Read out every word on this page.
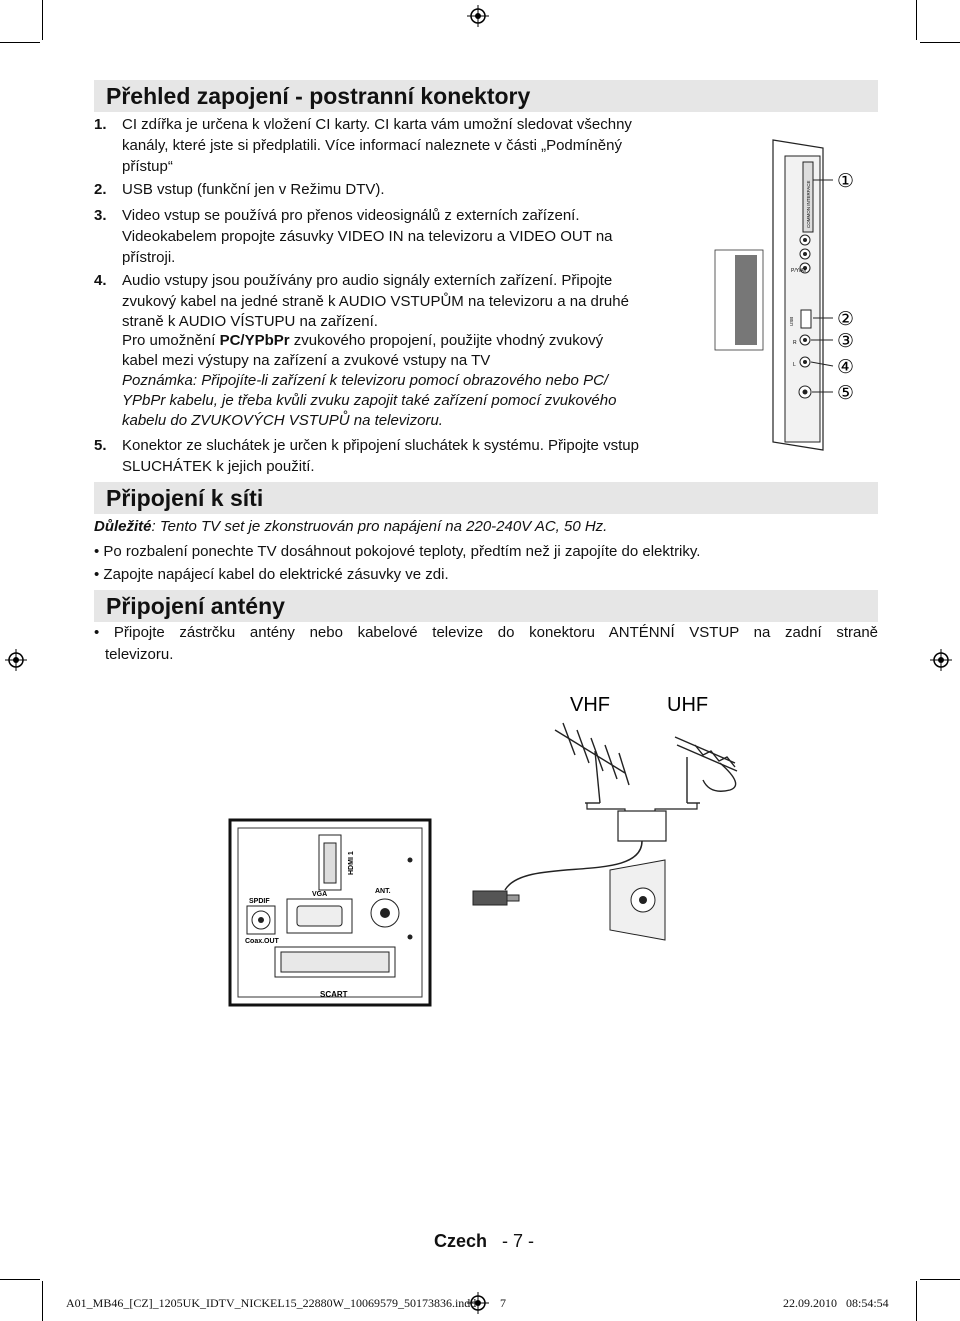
Přehled zapojení - postranní konektory
1. CI zdířka je určena k vložení CI karty. CI karta vám umožní sledovat všechny
kanály, které jste si předplatili. Více informací naleznete v části „Podmíněný
přístup“
2. USB vstup (funkční jen v Režimu DTV).
3. Video vstup se používá pro přenos videosignálů z externích zařízení.
Videokabelem propojte zásuvky VIDEO IN na televizoru a VIDEO OUT na
přístroji.
4. Audio vstupy jsou používány pro audio signály externích zařízení. Připojte
zvukový kabel na jedné straně k AUDIO VSTUPŮM na televizoru a na druhé
straně k AUDIO VÍSTUPU na zařízení.
Pro umožnění PC/YPbPr zvukového propojení, použijte vhodný zvukový
kabel mezi výstupy na zařízení a zvukové vstupy na TV
Poznámka: Připojíte-li zařízení k televizoru pomocí obrazového nebo PC/
YPbPr kabelu, je třeba kvůli zvuku zapojit také zařízení pomocí zvukového
kabelu do ZVUKOVÝCH VSTUPŮ na televizoru.
5. Konektor ze sluchátek je určen k připojení sluchátek k systému. Připojte vstup
SLUCHÁTEK k jejich použití.
COMMON INTERFACE
P/Y/AV
USB
R
L
①
②
③
④
⑤
Připojení k síti
Důležité: Tento TV set je zkonstruován pro napájení na 220-240V AC, 50 Hz.
• Po rozbalení ponechte TV dosáhnout pokojové teploty, předtím než ji zapojíte do elektriky.
• Zapojte napájecí kabel do elektrické zásuvky ve zdi.
Připojení antény
• Připojte zástrčku antény nebo kabelové televize do konektoru ANTÉNNÍ VSTUP na zadní straně
televizoru.
VHF	UHF
HDMI 1
VGA
SPDIF
Coax.OUT
ANT.
SCART
Czech - 7 -
A01_MB46_[CZ]_1205UK_IDTV_NICKEL15_22880W_10069579_50173836.indd 7	22.09.2010   08:54:54
